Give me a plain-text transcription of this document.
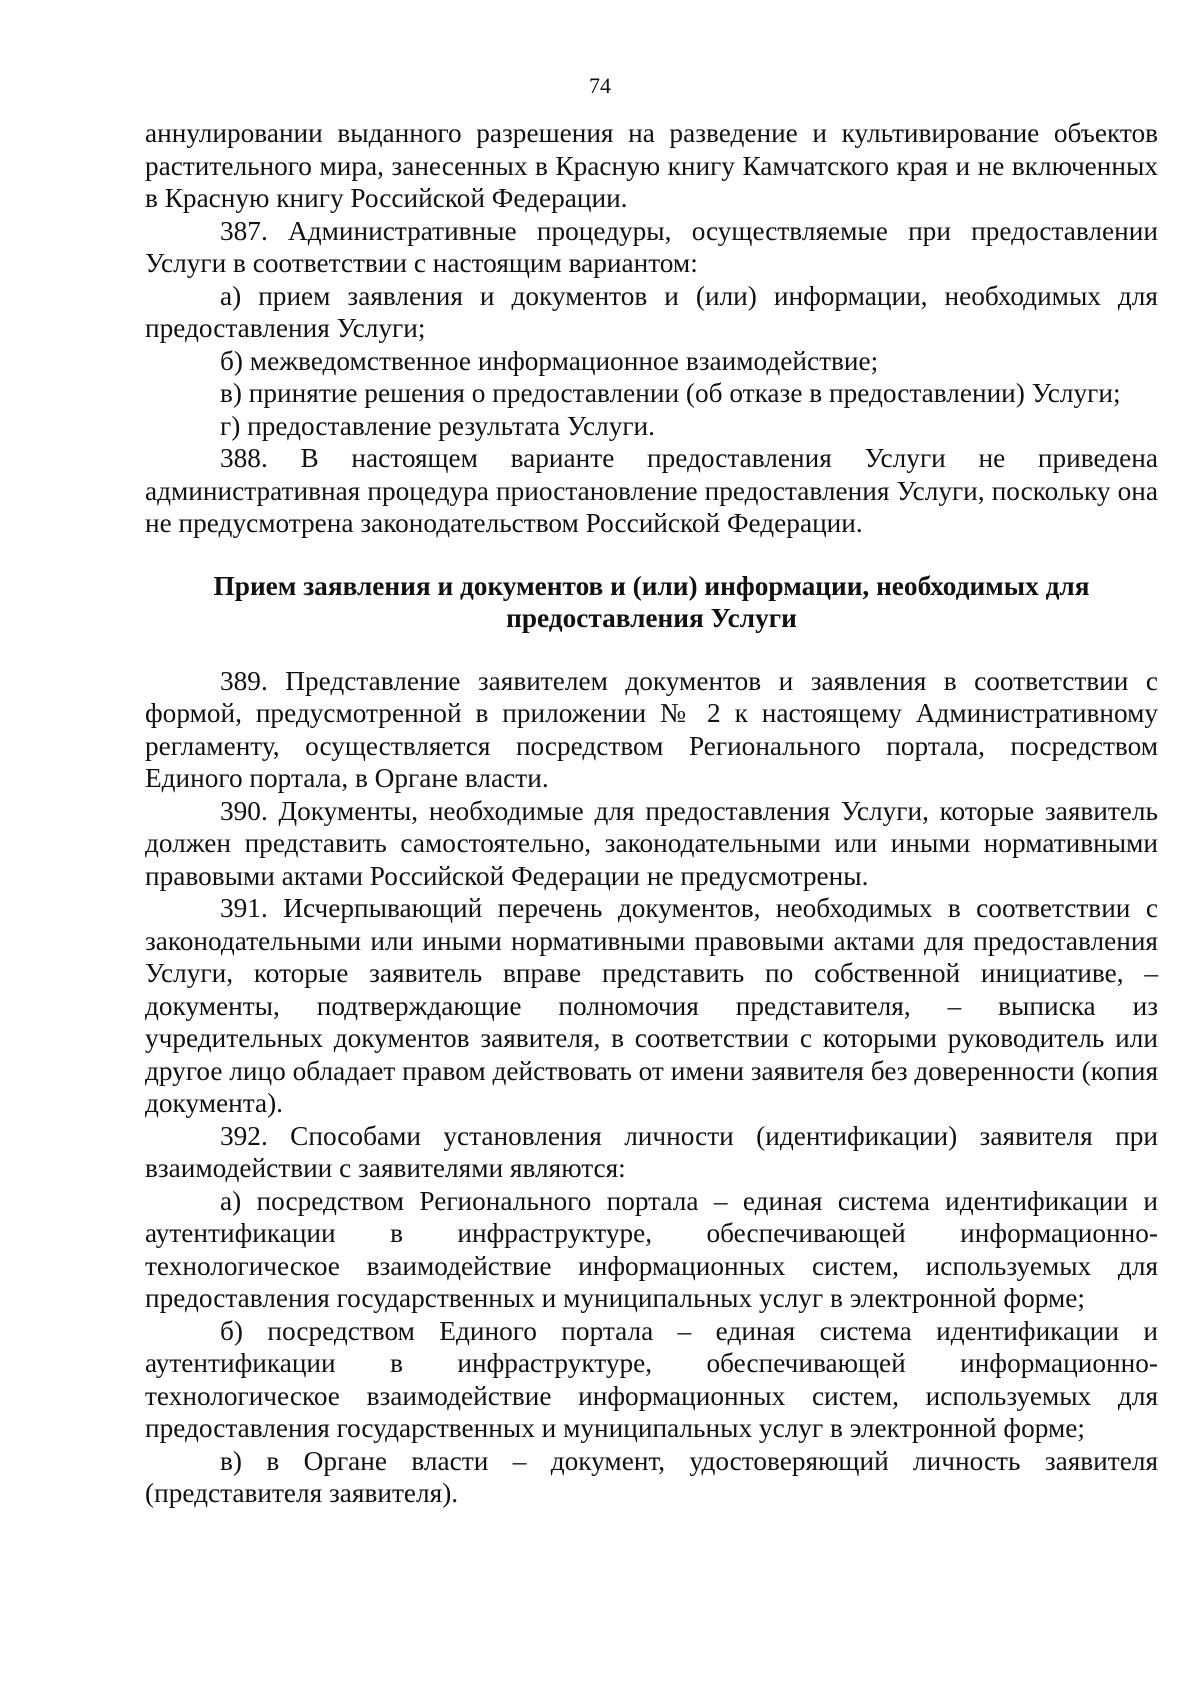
74

аннулировании выданного разрешения на разведение и культивирование объектов растительного мира, занесенных в Красную книгу Камчатского края и не включенных в Красную книгу Российской Федерации.

387. Административные процедуры, осуществляемые при предоставлении Услуги в соответствии с настоящим вариантом:

а) прием заявления и документов и (или) информации, необходимых для предоставления Услуги;

б) межведомственное информационное взаимодействие;

в) принятие решения о предоставлении (об отказе в предоставлении) Услуги;

г) предоставление результата Услуги.

388. В настоящем варианте предоставления Услуги не приведена административная процедура приостановление предоставления Услуги, поскольку она не предусмотрена законодательством Российской Федерации.

Прием заявления и документов и (или) информации, необходимых для предоставления Услуги

389. Представление заявителем документов и заявления в соответствии с формой, предусмотренной в приложении № 2 к настоящему Административному регламенту, осуществляется посредством Регионального портала, посредством Единого портала, в Органе власти.

390. Документы, необходимые для предоставления Услуги, которые заявитель должен представить самостоятельно, законодательными или иными нормативными правовыми актами Российской Федерации не предусмотрены.

391. Исчерпывающий перечень документов, необходимых в соответствии с законодательными или иными нормативными правовыми актами для предоставления Услуги, которые заявитель вправе представить по собственной инициативе, – документы, подтверждающие полномочия представителя, – выписка из учредительных документов заявителя, в соответствии с которыми руководитель или другое лицо обладает правом действовать от имени заявителя без доверенности (копия документа).

392. Способами установления личности (идентификации) заявителя при взаимодействии с заявителями являются:

а) посредством Регионального портала – единая система идентификации и аутентификации в инфраструктуре, обеспечивающей информационно-технологическое взаимодействие информационных систем, используемых для предоставления государственных и муниципальных услуг в электронной форме;

б) посредством Единого портала – единая система идентификации и аутентификации в инфраструктуре, обеспечивающей информационно-технологическое взаимодействие информационных систем, используемых для предоставления государственных и муниципальных услуг в электронной форме;

в) в Органе власти – документ, удостоверяющий личность заявителя (представителя заявителя).
